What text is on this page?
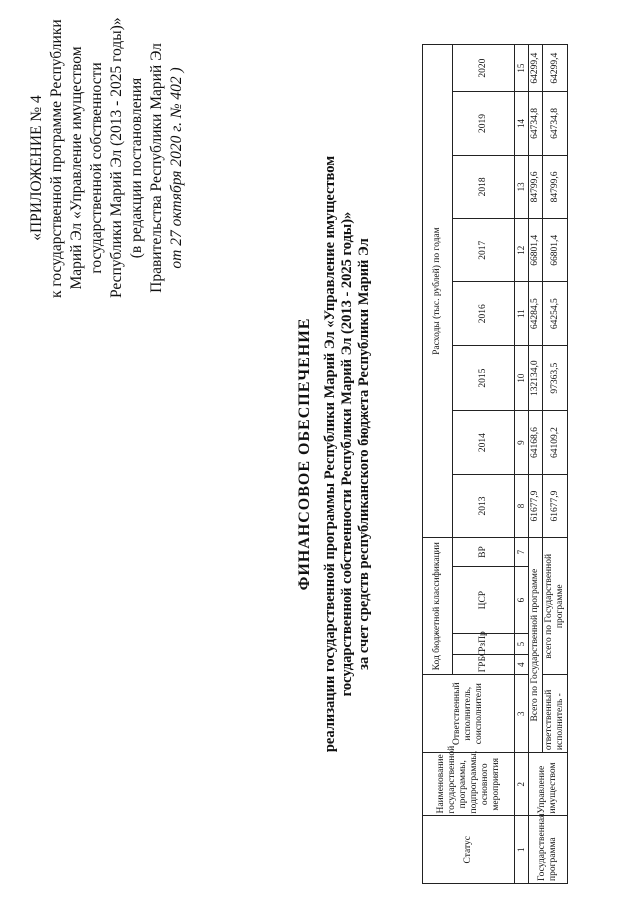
«ПРИЛОЖЕНИЕ № 4 к государственной программе Республики Марий Эл «Управление имуществом государственной собственности Республики Марий Эл (2013 - 2025 годы)» (в редакции постановления Правительства Республики Марий Эл от 27 октября 2020 г. № 402 )
ФИНАНСОВОЕ ОБЕСПЕЧЕНИЕ реализации государственной программы Республики Марий Эл «Управление имуществом государственной собственности Республики Марий Эл (2013 - 2025 годы)» за счет средств республиканского бюджета Республики Марий Эл
Статус	Наименование государственной программы, подпрограммы, основного мероприятия	Ответственный исполнитель, соисполнители	Код бюджетной классификации				Расходы (тыс. рублей) по годам							
			ГРБС	РзПр	ЦСР	ВР	2013	2014	2015	2016	2017	2018	2019	2020
1	2	3	4	5	6	7	8	9	10	11	12	13	14	15
Государственная программа	Управление имуществом	Всего по Государственной программе					61677,9	64168,6	132134,0	64284,5	66801,4	84799,6	64734,8	64299,4
		ответственный исполнитель -	всего по Государственной программе				61677,9	64109,2	97363,5	64254,5	66801,4	84799,6	64734,8	64299,4
